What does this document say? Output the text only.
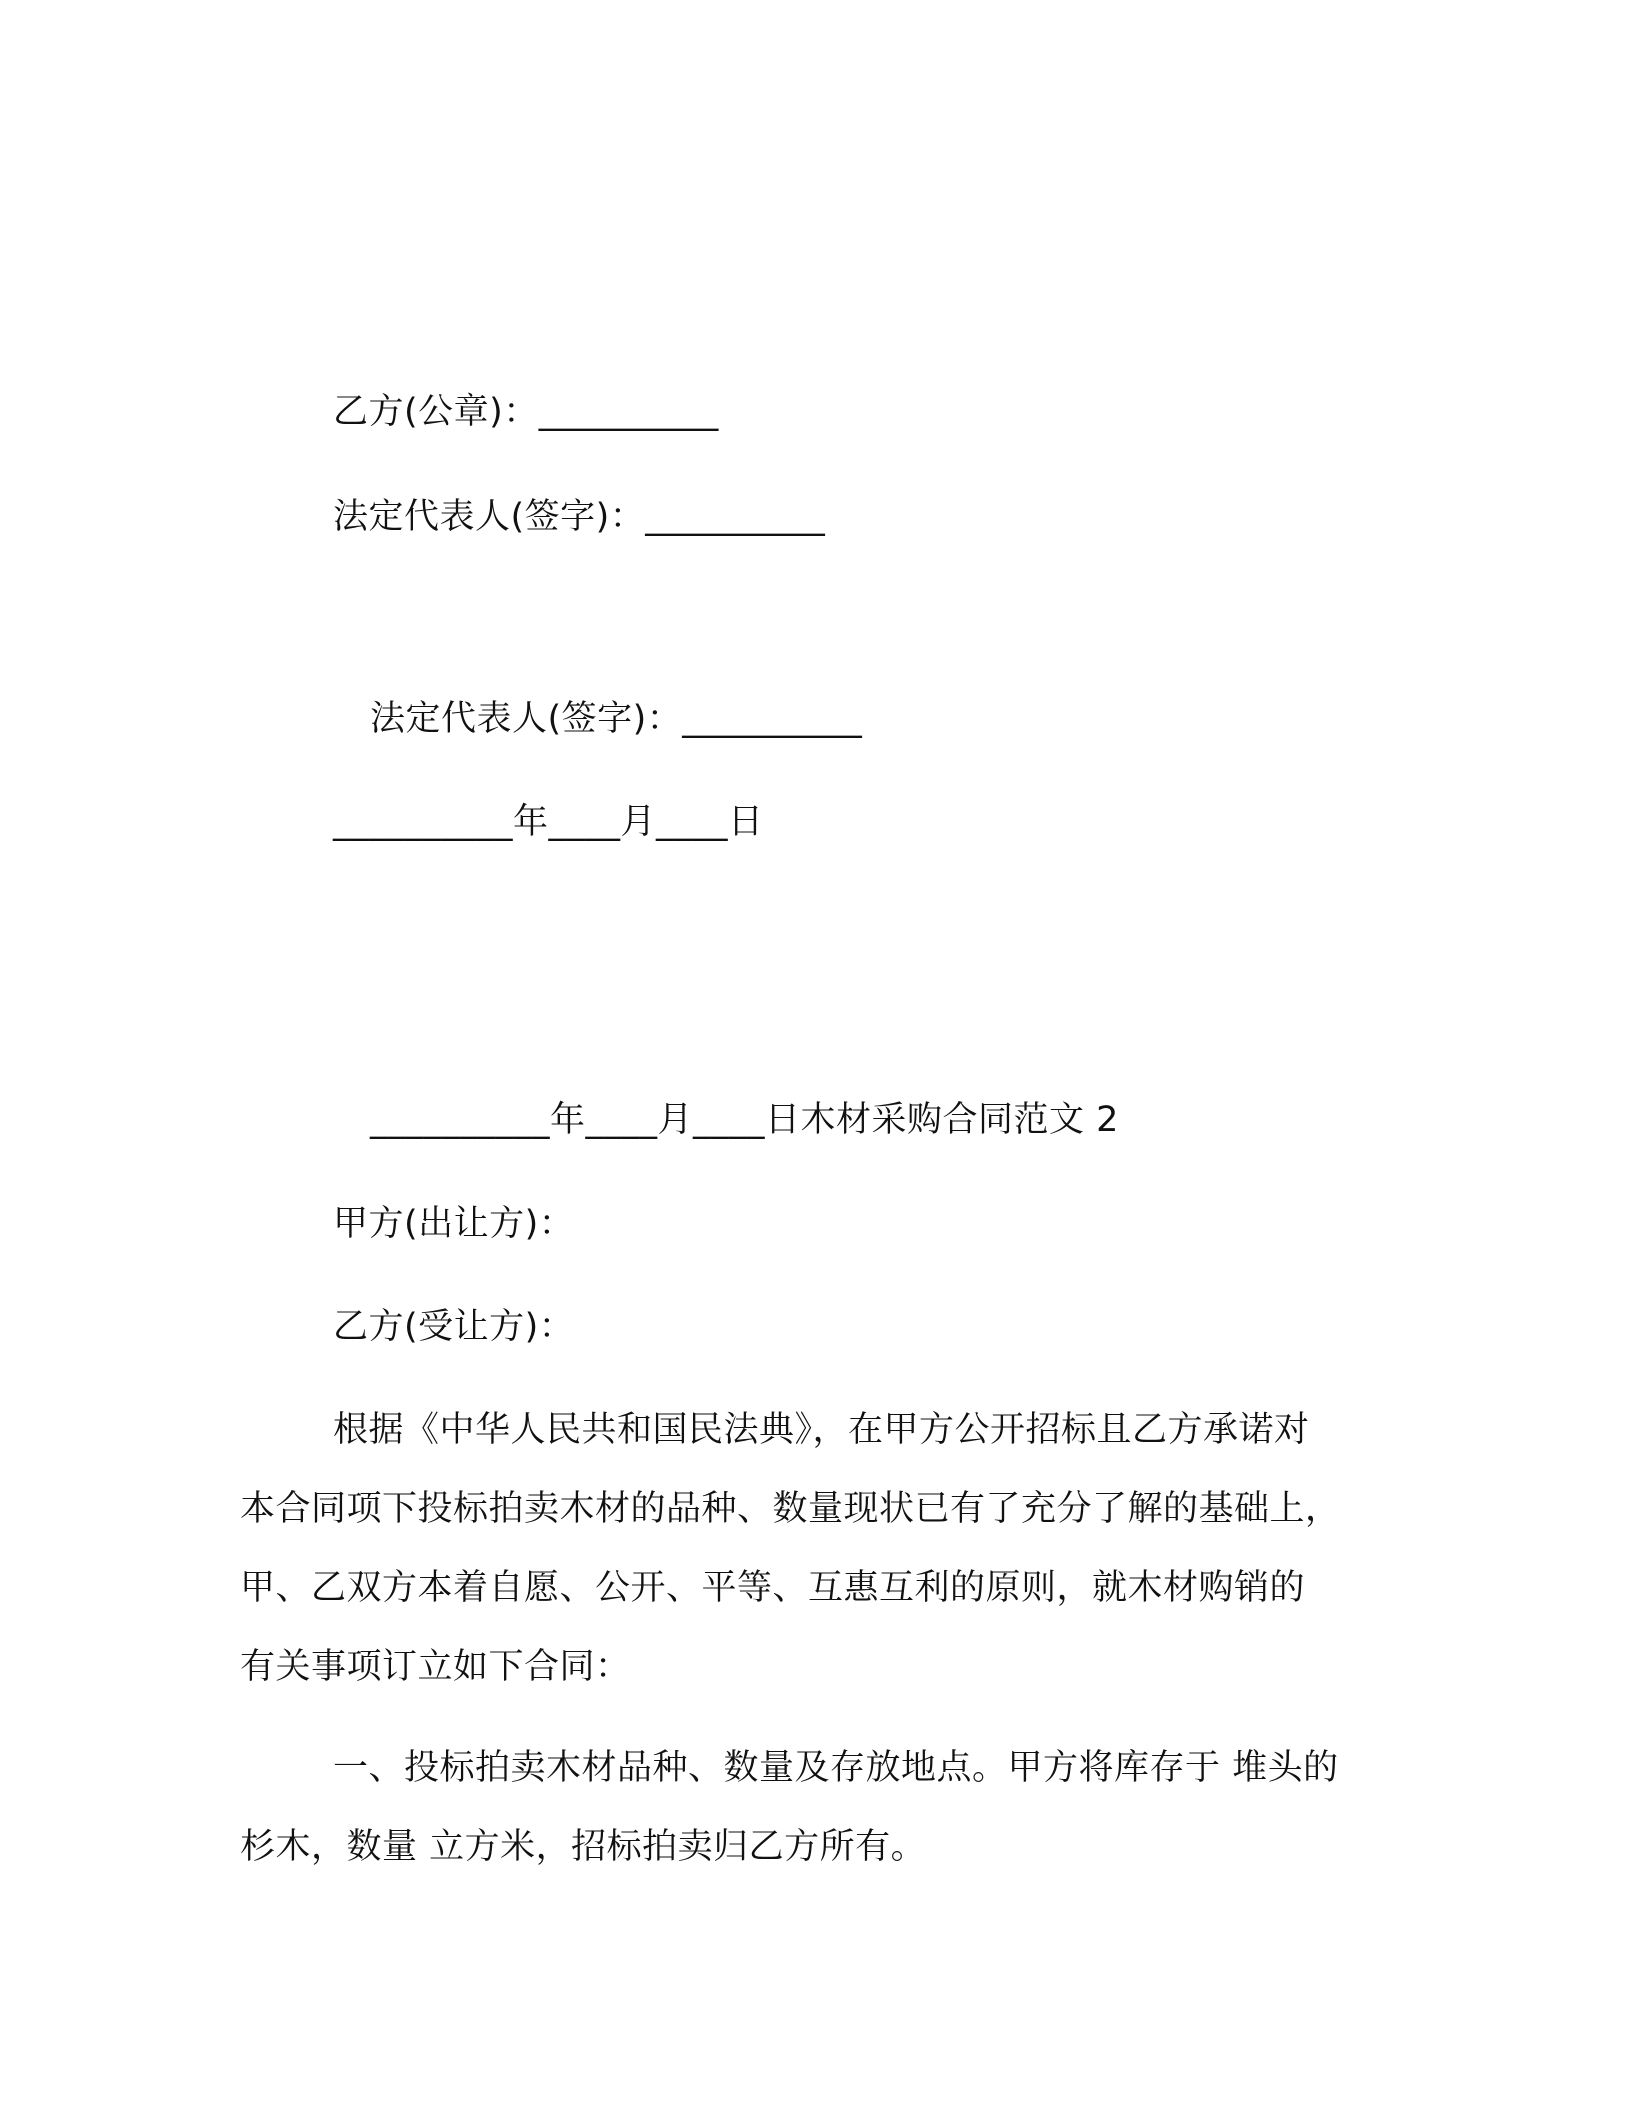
乙方(公章)：__________
法定代表人(签字)：__________
法定代表人(签字)：__________
__________年____月____日
__________年____月____日木材采购合同范文 2
甲方(出让方)：
乙方(受让方)：
根据《中华人民共和国民法典》，在甲方公开招标且乙方承诺对
本合同项下投标拍卖木材的品种、数量现状已有了充分了解的基础上，
甲、乙双方本着自愿、公开、平等、互惠互利的原则，就木材购销的
有关事项订立如下合同：
一、投标拍卖木材品种、数量及存放地点。甲方将库存于 堆头的
杉木，数量 立方米，招标拍卖归乙方所有。
